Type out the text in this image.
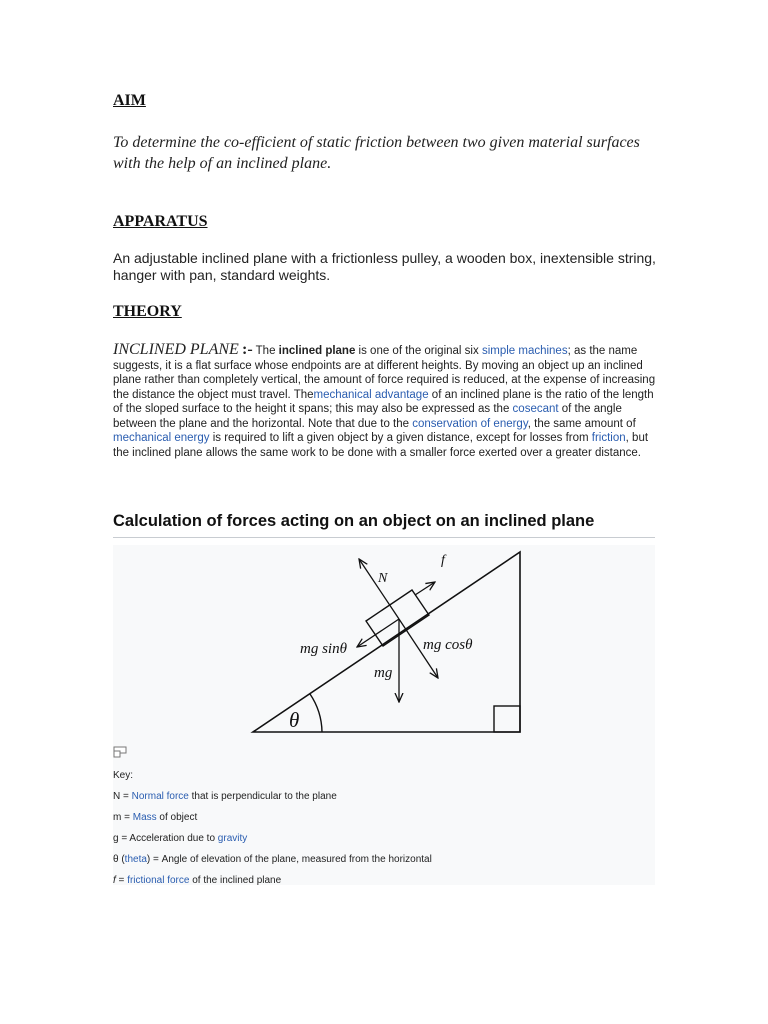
AIM

To determine the co-efficient of static friction between two given material surfaces with the help of an inclined plane.

APPARATUS

An adjustable inclined plane with a frictionless pulley, a wooden box, inextensible string, hanger with pan, standard weights.

THEORY

INCLINED PLANE :- The inclined plane is one of the original six simple machines; as the name suggests, it is a flat surface whose endpoints are at different heights. By moving an object up an inclined plane rather than completely vertical, the amount of force required is reduced, at the expense of increasing the distance the object must travel. Themechanical advantage of an inclined plane is the ratio of the length of the sloped surface to the height it spans; this may also be expressed as the cosecant of the angle between the plane and the horizontal. Note that due to the conservation of energy, the same amount of mechanical energy is required to lift a given object by a given distance, except for losses from friction, but the inclined plane allows the same work to be done with a smaller force exerted over a greater distance.

Calculation of forces acting on an object on an inclined plane
N
f
mg sinθ	mg cosθ
mg
θ
Key:
N = Normal force that is perpendicular to the plane
m = Mass of object
g = Acceleration due to gravity
θ (theta) = Angle of elevation of the plane, measured from the horizontal
f = frictional force of the inclined plane
